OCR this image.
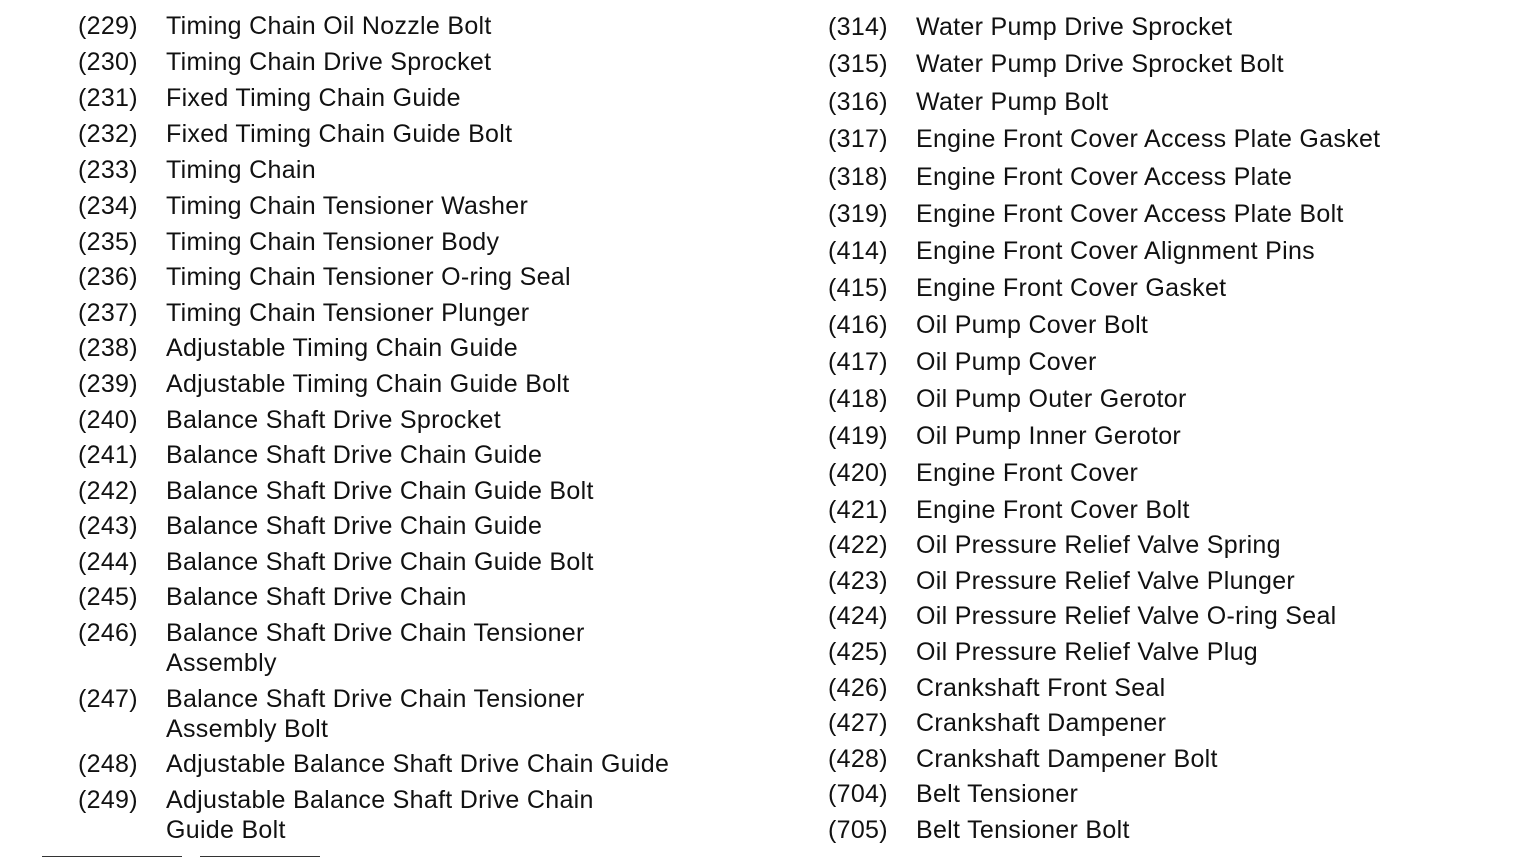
(229)	Timing Chain Oil Nozzle Bolt
(230)	Timing Chain Drive Sprocket
(231)	Fixed Timing Chain Guide
(232)	Fixed Timing Chain Guide Bolt
(233)	Timing Chain
(234)	Timing Chain Tensioner Washer
(235)	Timing Chain Tensioner Body
(236)	Timing Chain Tensioner O-ring Seal
(237)	Timing Chain Tensioner Plunger
(238)	Adjustable Timing Chain Guide
(239)	Adjustable Timing Chain Guide Bolt
(240)	Balance Shaft Drive Sprocket
(241)	Balance Shaft Drive Chain Guide
(242)	Balance Shaft Drive Chain Guide Bolt
(243)	Balance Shaft Drive Chain Guide
(244)	Balance Shaft Drive Chain Guide Bolt
(245)	Balance Shaft Drive Chain
(246)	Balance Shaft Drive Chain Tensioner
Assembly
(247)	Balance Shaft Drive Chain Tensioner
Assembly Bolt
(248)	Adjustable Balance Shaft Drive Chain Guide
(249)	Adjustable Balance Shaft Drive Chain
Guide Bolt
(314)	Water Pump Drive Sprocket
(315)	Water Pump Drive Sprocket Bolt
(316)	Water Pump Bolt
(317)	Engine Front Cover Access Plate Gasket
(318)	Engine Front Cover Access Plate
(319)	Engine Front Cover Access Plate Bolt
(414)	Engine Front Cover Alignment Pins
(415)	Engine Front Cover Gasket
(416)	Oil Pump Cover Bolt
(417)	Oil Pump Cover
(418)	Oil Pump Outer Gerotor
(419)	Oil Pump Inner Gerotor
(420)	Engine Front Cover
(421)	Engine Front Cover Bolt
(422)	Oil Pressure Relief Valve Spring
(423)	Oil Pressure Relief Valve Plunger
(424)	Oil Pressure Relief Valve O-ring Seal
(425)	Oil Pressure Relief Valve Plug
(426)	Crankshaft Front Seal
(427)	Crankshaft Dampener
(428)	Crankshaft Dampener Bolt
(704)	Belt Tensioner
(705)	Belt Tensioner Bolt
